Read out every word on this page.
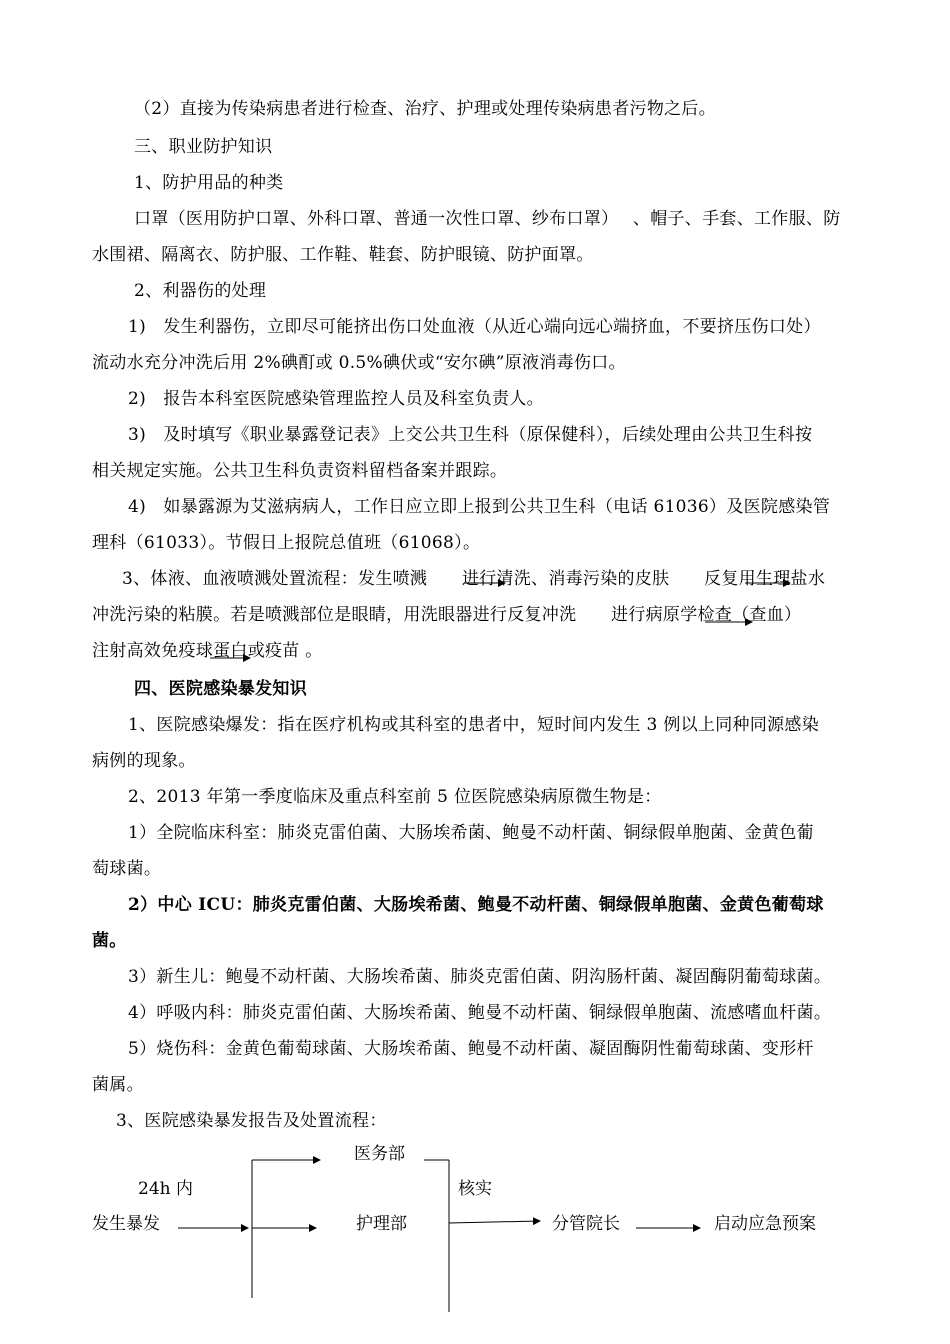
（2）直接为传染病患者进行检查、治疗、护理或处理传染病患者污物之后。
三、职业防护知识
1、防护用品的种类
口罩（医用防护口罩、外科口罩、普通一次性口罩、纱布口罩）　 、帽子、手套、工作服、防
水围裙、隔离衣、防护服、工作鞋、鞋套、防护眼镜、防护面罩。
2、利器伤的处理
1)　发生利器伤，立即尽可能挤出伤口处血液（从近心端向远心端挤血，不要挤压伤口处）
流动水充分冲洗后用 2%碘酊或 0.5%碘伏或“安尔碘”原液消毒伤口。
2)　报告本科室医院感染管理监控人员及科室负责人。
3)　及时填写《职业暴露登记表》上交公共卫生科（原保健科），后续处理由公共卫生科按
相关规定实施。公共卫生科负责资料留档备案并跟踪。
4)　如暴露源为艾滋病病人，工作日应立即上报到公共卫生科（电话 61036）及医院感染管
理科（61033）。节假日上报院总值班（61068）。
3、体液、血液喷溅处置流程：发生喷溅　　进行清洗、消毒污染的皮肤　　反复用生理盐水
冲洗污染的粘膜。若是喷溅部位是眼睛，用洗眼器进行反复冲洗　　进行病原学检查（查血）
注射高效免疫球蛋白或疫苗 。
四、医院感染暴发知识
1、医院感染爆发：指在医疗机构或其科室的患者中，短时间内发生 3 例以上同种同源感染
病例的现象。
2、2013 年第一季度临床及重点科室前 5 位医院感染病原微生物是：
1）全院临床科室：肺炎克雷伯菌、大肠埃希菌、鲍曼不动杆菌、铜绿假单胞菌、金黄色葡
萄球菌。
2）中心 ICU：肺炎克雷伯菌、大肠埃希菌、鲍曼不动杆菌、铜绿假单胞菌、金黄色葡萄球
菌。
3）新生儿：鲍曼不动杆菌、大肠埃希菌、肺炎克雷伯菌、阴沟肠杆菌、凝固酶阴葡萄球菌。
4）呼吸内科：肺炎克雷伯菌、大肠埃希菌、鲍曼不动杆菌、铜绿假单胞菌、流感嗜血杆菌。
5）烧伤科：金黄色葡萄球菌、大肠埃希菌、鲍曼不动杆菌、凝固酶阴性葡萄球菌、变形杆
菌属。
3、医院感染暴发报告及处置流程：
医务部
24h 内	核实
发生暴发	护理部	分管院长	启动应急预案
